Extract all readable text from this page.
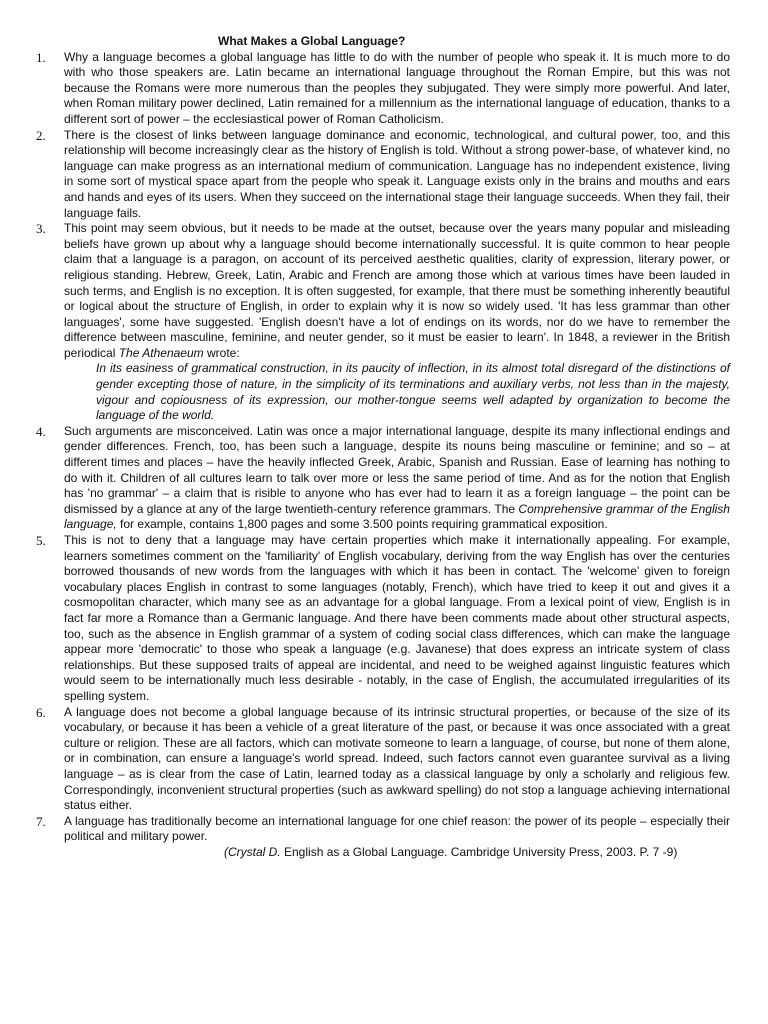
What Makes a Global Language?
1.	Why a language becomes a global language has little to do with the number of people who speak it. It is much more to do with who those speakers are. Latin became an international language throughout the Roman Empire, but this was not because the Romans were more numerous than the peoples they subjugated. They were simply more powerful. And later, when Roman military power declined, Latin remained for a millennium as the international language of education, thanks to a different sort of power – the ecclesiastical power of Roman Catholicism.
2.	There is the closest of links between language dominance and economic, technological, and cultural power, too, and this relationship will become increasingly clear as the history of English is told. Without a strong power-base, of whatever kind, no language can make progress as an international medium of communication. Language has no independent existence, living in some sort of mystical space apart from the people who speak it. Language exists only in the brains and mouths and ears and hands and eyes of its users. When they succeed on the international stage their language succeeds. When they fail, their language fails.
3.	This point may seem obvious, but it needs to be made at the outset, because over the years many popular and misleading beliefs have grown up about why a language should become internationally successful. It is quite common to hear people claim that a language is a paragon, on account of its perceived aesthetic qualities, clarity of expression, literary power, or religious standing. Hebrew, Greek, Latin, Arabic and French are among those which at various times have been lauded in such terms, and English is no exception. It is often suggested, for example, that there must be something inherently beautiful or logical about the structure of English, in order to explain why it is now so widely used. 'It has less grammar than other languages', some have suggested. 'English doesn't have a lot of endings on its words, nor do we have to remember the difference between masculine, feminine, and neuter gender, so it must be easier to learn'. In 1848, a reviewer in the British periodical The Athenaeum wrote:
In its easiness of grammatical construction, in its paucity of inflection, in its almost total disregard of the distinctions of gender excepting those of nature, in the simplicity of its terminations and auxiliary verbs, not less than in the majesty, vigour and copiousness of its expression, our mother-tongue seems well adapted by organization to become the language of the world.
4.	Such arguments are misconceived. Latin was once a major international language, despite its many inflectional endings and gender differences. French, too, has been such a language, despite its nouns being masculine or feminine; and so – at different times and places – have the heavily inflected Greek, Arabic, Spanish and Russian. Ease of learning has nothing to do with it. Children of all cultures learn to talk over more or less the same period of time. And as for the notion that English has 'no grammar' – a claim that is risible to anyone who has ever had to learn it as a foreign language – the point can be dismissed by a glance at any of the large twentieth-century reference grammars. The Comprehensive grammar of the English language, for example, contains 1,800 pages and some 3.500 points requiring grammatical exposition.
5.	This is not to deny that a language may have certain properties which make it internationally appealing. For example, learners sometimes comment on the 'familiarity' of English vocabulary, deriving from the way English has over the centuries borrowed thousands of new words from the languages with which it has been in contact. The 'welcome' given to foreign vocabulary places English in contrast to some languages (notably, French), which have tried to keep it out and gives it a cosmopolitan character, which many see as an advantage for a global language. From a lexical point of view, English is in fact far more a Romance than a Germanic language. And there have been comments made about other structural aspects, too, such as the absence in English grammar of a system of coding social class differences, which can make the language appear more 'democratic' to those who speak a language (e.g. Javanese) that does express an intricate system of class relationships. But these supposed traits of appeal are incidental, and need to be weighed against linguistic features which would seem to be internationally much less desirable - notably, in the case of English, the accumulated irregularities of its spelling system.
6.	A language does not become a global language because of its intrinsic structural properties, or because of the size of its vocabulary, or because it has been a vehicle of a great literature of the past, or because it was once associated with a great culture or religion. These are all factors, which can motivate someone to learn a language, of course, but none of them alone, or in combination, can ensure a language's world spread. Indeed, such factors cannot even guarantee survival as a living language – as is clear from the case of Latin, learned today as a classical language by only a scholarly and religious few. Correspondingly, inconvenient structural properties (such as awkward spelling) do not stop a language achieving international status either.
7.	A language has traditionally become an international language for one chief reason: the power of its people – especially their political and military power.
(Crystal D. English as a Global Language. Cambridge University Press, 2003. P. 7 -9)
